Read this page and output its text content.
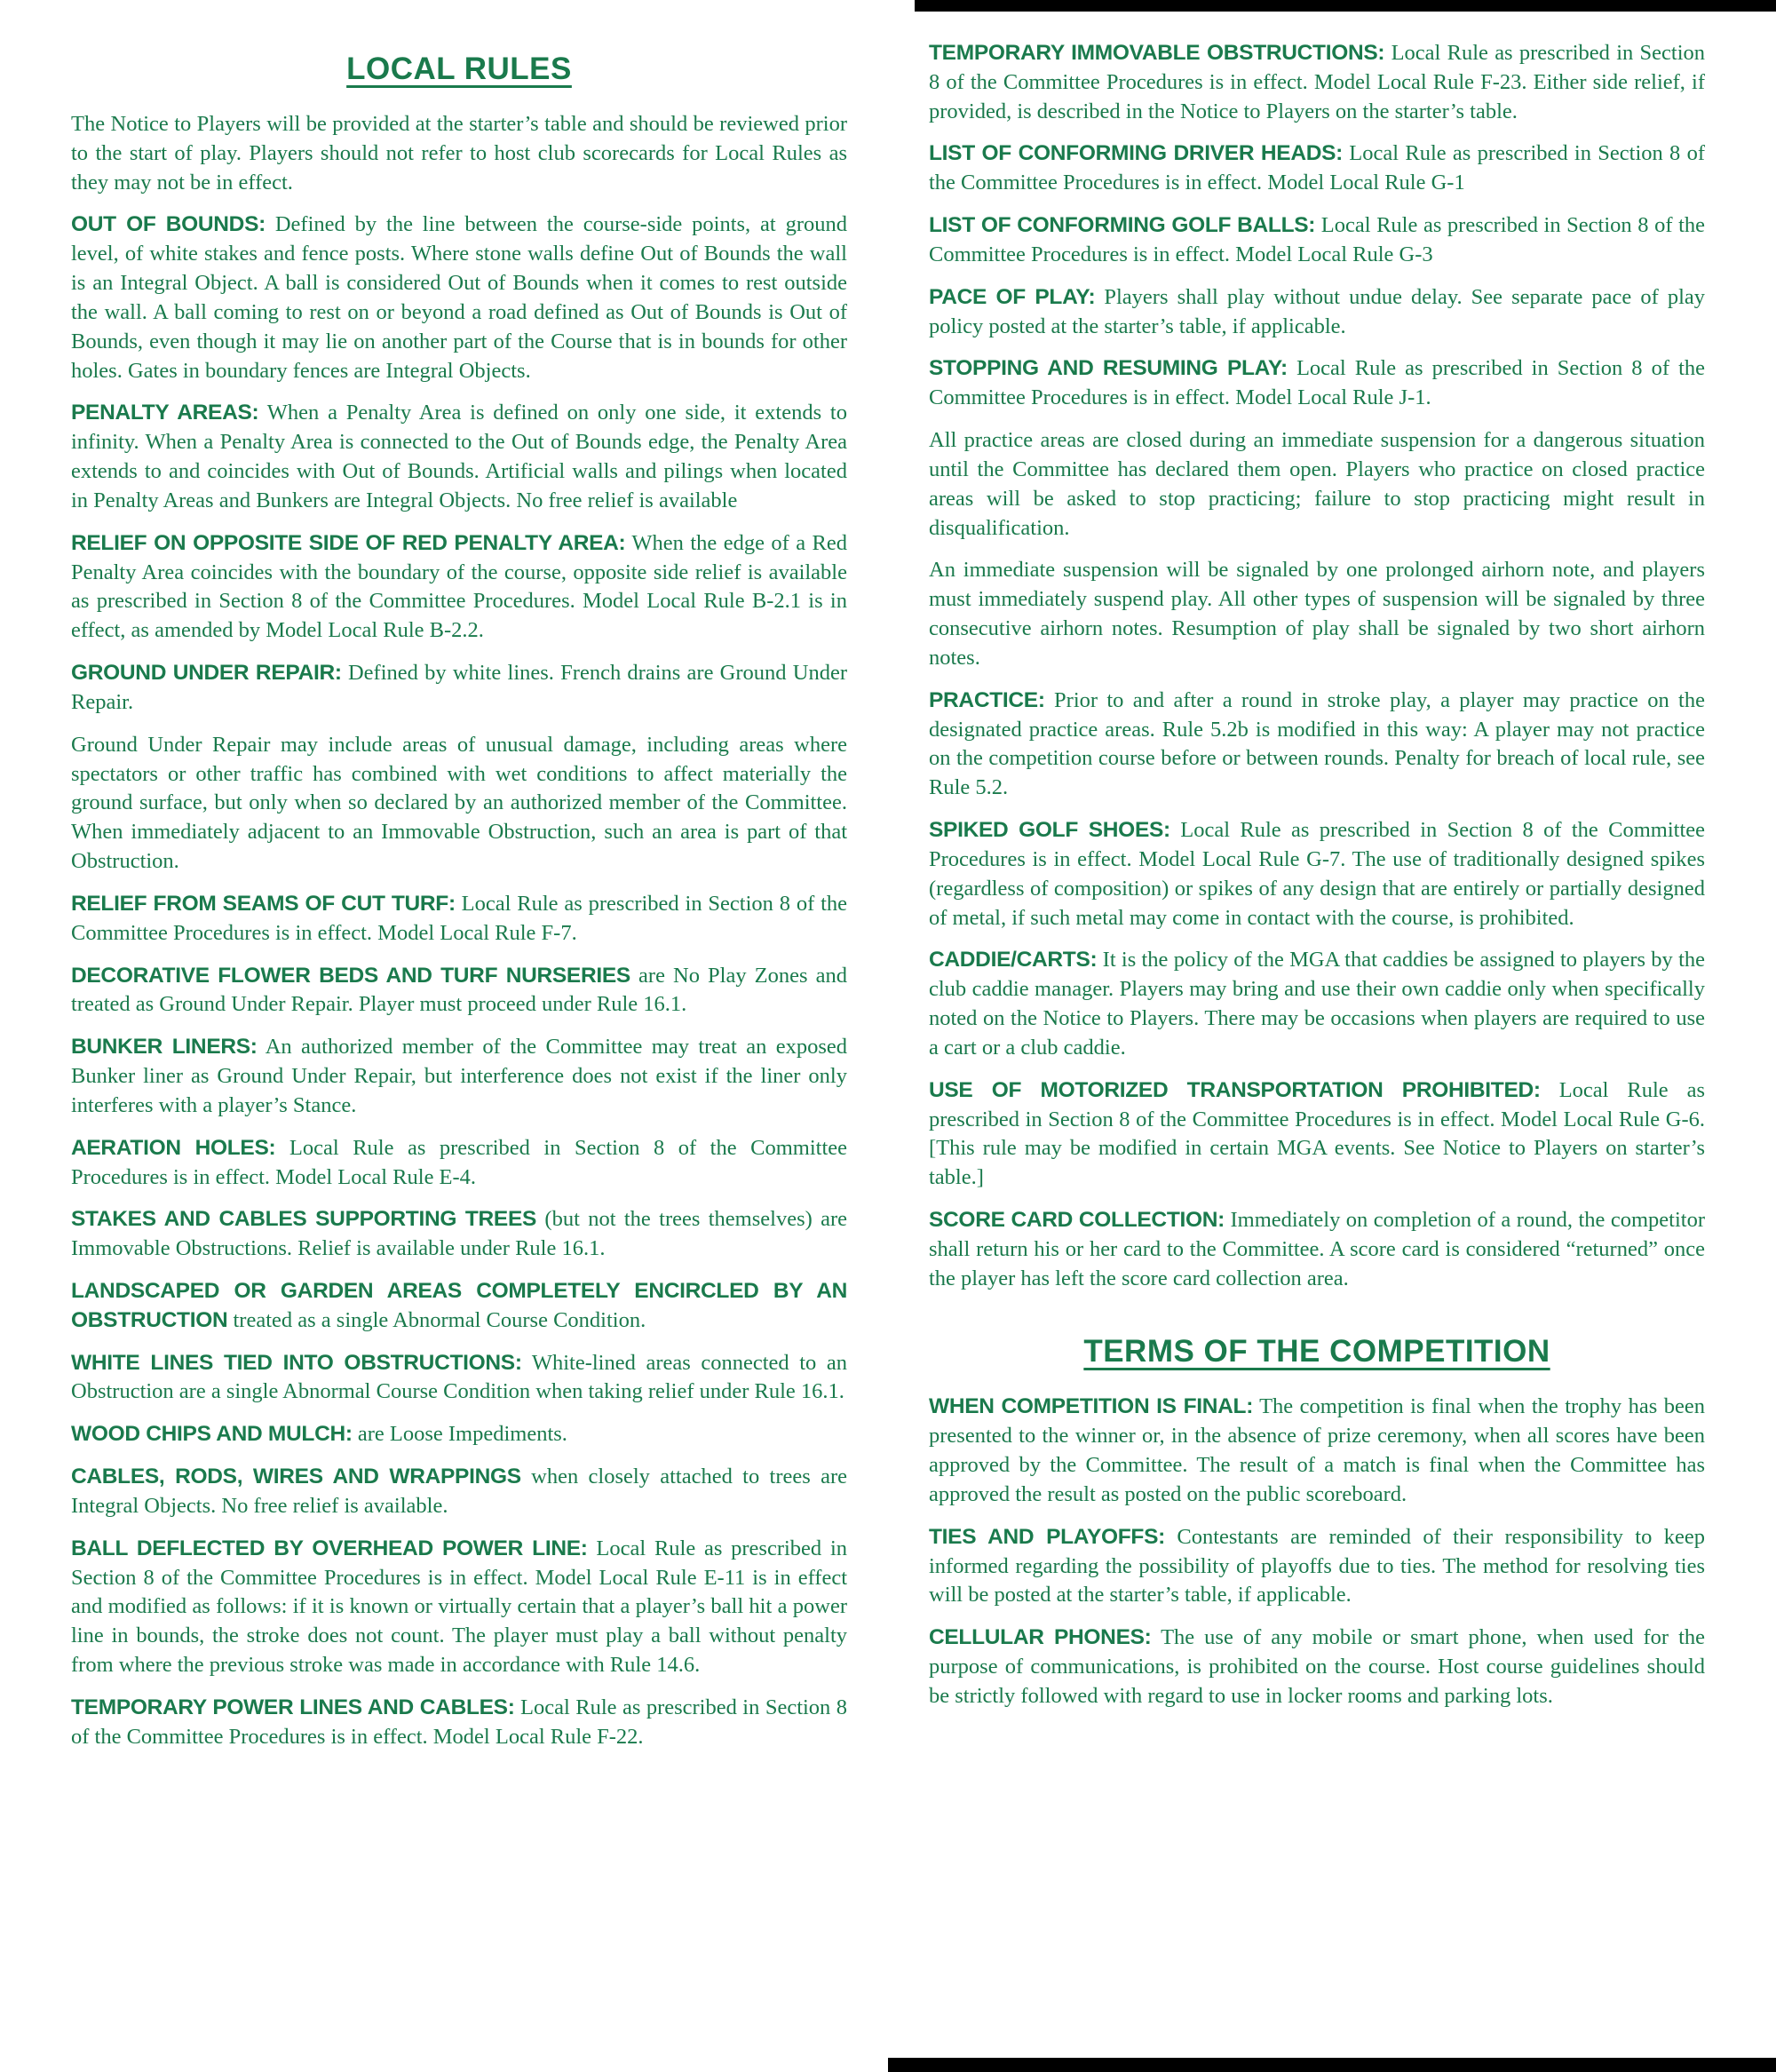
LOCAL RULES

The Notice to Players will be provided at the starter’s table and should be reviewed prior to the start of play. Players should not refer to host club scorecards for Local Rules as they may not be in effect.

OUT OF BOUNDS: Defined by the line between the course-side points, at ground level, of white stakes and fence posts. Where stone walls define Out of Bounds the wall is an Integral Object. A ball is considered Out of Bounds when it comes to rest outside the wall. A ball coming to rest on or beyond a road defined as Out of Bounds is Out of Bounds, even though it may lie on another part of the Course that is in bounds for other holes. Gates in boundary fences are Integral Objects.

PENALTY AREAS: When a Penalty Area is defined on only one side, it extends to infinity. When a Penalty Area is connected to the Out of Bounds edge, the Penalty Area extends to and coincides with Out of Bounds. Artificial walls and pilings when located in Penalty Areas and Bunkers are Integral Objects. No free relief is available

RELIEF ON OPPOSITE SIDE OF RED PENALTY AREA: When the edge of a Red Penalty Area coincides with the boundary of the course, opposite side relief is available as prescribed in Section 8 of the Committee Procedures. Model Local Rule B-2.1 is in effect, as amended by Model Local Rule B-2.2.

GROUND UNDER REPAIR: Defined by white lines. French drains are Ground Under Repair.

Ground Under Repair may include areas of unusual damage, including areas where spectators or other traffic has combined with wet conditions to affect materially the ground surface, but only when so declared by an authorized member of the Committee. When immediately adjacent to an Immovable Obstruction, such an area is part of that Obstruction.

RELIEF FROM SEAMS OF CUT TURF: Local Rule as prescribed in Section 8 of the Committee Procedures is in effect. Model Local Rule F-7.

DECORATIVE FLOWER BEDS AND TURF NURSERIES are No Play Zones and treated as Ground Under Repair. Player must proceed under Rule 16.1.

BUNKER LINERS: An authorized member of the Committee may treat an exposed Bunker liner as Ground Under Repair, but interference does not exist if the liner only interferes with a player’s Stance.

AERATION HOLES: Local Rule as prescribed in Section 8 of the Committee Procedures is in effect. Model Local Rule E-4.

STAKES AND CABLES SUPPORTING TREES (but not the trees themselves) are Immovable Obstructions. Relief is available under Rule 16.1.

LANDSCAPED OR GARDEN AREAS COMPLETELY ENCIRCLED BY AN OBSTRUCTION treated as a single Abnormal Course Condition.

WHITE LINES TIED INTO OBSTRUCTIONS: White-lined areas connected to an Obstruction are a single Abnormal Course Condition when taking relief under Rule 16.1.

WOOD CHIPS AND MULCH: are Loose Impediments.

CABLES, RODS, WIRES AND WRAPPINGS when closely attached to trees are Integral Objects. No free relief is available.

BALL DEFLECTED BY OVERHEAD POWER LINE: Local Rule as prescribed in Section 8 of the Committee Procedures is in effect. Model Local Rule E-11 is in effect and modified as follows: if it is known or virtually certain that a player’s ball hit a power line in bounds, the stroke does not count. The player must play a ball without penalty from where the previous stroke was made in accordance with Rule 14.6.

TEMPORARY POWER LINES AND CABLES: Local Rule as prescribed in Section 8 of the Committee Procedures is in effect. Model Local Rule F-22.

TEMPORARY IMMOVABLE OBSTRUCTIONS: Local Rule as prescribed in Section 8 of the Committee Procedures is in effect. Model Local Rule F-23. Either side relief, if provided, is described in the Notice to Players on the starter’s table.

LIST OF CONFORMING DRIVER HEADS: Local Rule as prescribed in Section 8 of the Committee Procedures is in effect. Model Local Rule G-1

LIST OF CONFORMING GOLF BALLS: Local Rule as prescribed in Section 8 of the Committee Procedures is in effect. Model Local Rule G-3

PACE OF PLAY: Players shall play without undue delay. See separate pace of play policy posted at the starter’s table, if applicable.

STOPPING AND RESUMING PLAY: Local Rule as prescribed in Section 8 of the Committee Procedures is in effect. Model Local Rule J-1.

All practice areas are closed during an immediate suspension for a dangerous situation until the Committee has declared them open. Players who practice on closed practice areas will be asked to stop practicing; failure to stop practicing might result in disqualification.

An immediate suspension will be signaled by one prolonged airhorn note, and players must immediately suspend play. All other types of suspension will be signaled by three consecutive airhorn notes. Resumption of play shall be signaled by two short airhorn notes.

PRACTICE: Prior to and after a round in stroke play, a player may practice on the designated practice areas. Rule 5.2b is modified in this way: A player may not practice on the competition course before or between rounds. Penalty for breach of local rule, see Rule 5.2.

SPIKED GOLF SHOES: Local Rule as prescribed in Section 8 of the Committee Procedures is in effect. Model Local Rule G-7. The use of traditionally designed spikes (regardless of composition) or spikes of any design that are entirely or partially designed of metal, if such metal may come in contact with the course, is prohibited.

CADDIE/CARTS: It is the policy of the MGA that caddies be assigned to players by the club caddie manager. Players may bring and use their own caddie only when specifically noted on the Notice to Players. There may be occasions when players are required to use a cart or a club caddie.

USE OF MOTORIZED TRANSPORTATION PROHIBITED: Local Rule as prescribed in Section 8 of the Committee Procedures is in effect. Model Local Rule G-6. [This rule may be modified in certain MGA events. See Notice to Players on starter’s table.]

SCORE CARD COLLECTION: Immediately on completion of a round, the competitor shall return his or her card to the Committee. A score card is considered “returned” once the player has left the score card collection area.

TERMS OF THE COMPETITION

WHEN COMPETITION IS FINAL: The competition is final when the trophy has been presented to the winner or, in the absence of prize ceremony, when all scores have been approved by the Committee. The result of a match is final when the Committee has approved the result as posted on the public scoreboard.

TIES AND PLAYOFFS: Contestants are reminded of their responsibility to keep informed regarding the possibility of playoffs due to ties. The method for resolving ties will be posted at the starter’s table, if applicable.

CELLULAR PHONES: The use of any mobile or smart phone, when used for the purpose of communications, is prohibited on the course. Host course guidelines should be strictly followed with regard to use in locker rooms and parking lots.
